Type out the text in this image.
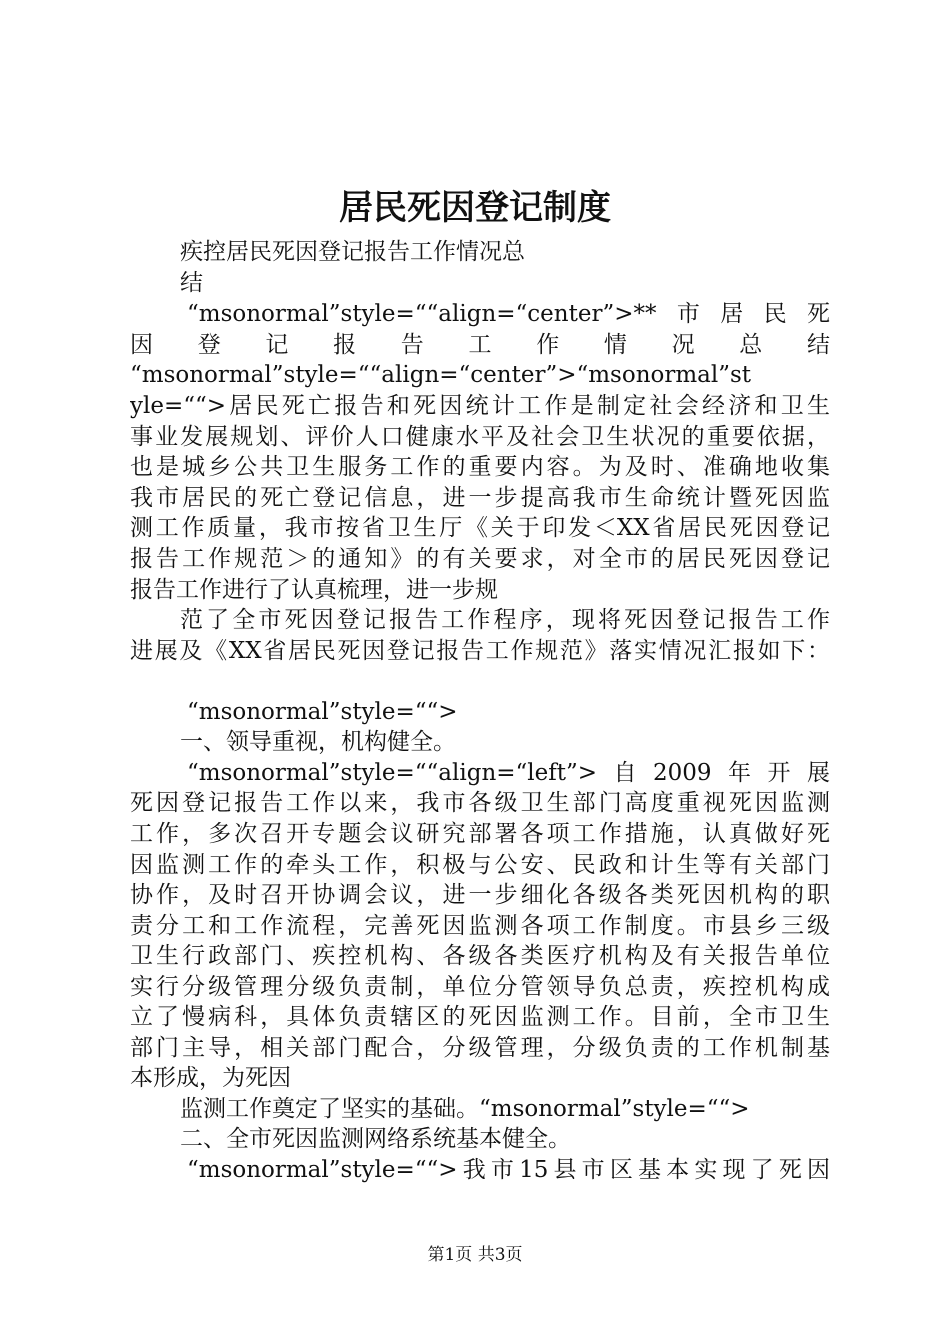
居民死因登记制度
疾控居民死因登记报告工作情况总
结
“msonormal”style=““align=“center”>**市居民死
因　登　记　报　告　工　作　情　况　总　结
“msonormal”style=““align=“center”>“msonormal”st
yle=““>居民死亡报告和死因统计工作是制定社会经济和卫生
事业发展规划、评价人口健康水平及社会卫生状况的重要依据，
也是城乡公共卫生服务工作的重要内容。为及时、准确地收集
我市居民的死亡登记信息，进一步提高我市生命统计暨死因监
测工作质量，我市按省卫生厅《关于印发＜XX省居民死因登记
报告工作规范＞的通知》的有关要求，对全市的居民死因登记
报告工作进行了认真梳理，进一步规
范了全市死因登记报告工作程序，现将死因登记报告工作
进展及《XX省居民死因登记报告工作规范》落实情况汇报如下：
“msonormal”style=““>
一、领导重视，机构健全。
“msonormal”style=““align=“left”>自2009年开展
死因登记报告工作以来，我市各级卫生部门高度重视死因监测
工作，多次召开专题会议研究部署各项工作措施，认真做好死
因监测工作的牵头工作，积极与公安、民政和计生等有关部门
协作，及时召开协调会议，进一步细化各级各类死因机构的职
责分工和工作流程，完善死因监测各项工作制度。市县乡三级
卫生行政部门、疾控机构、各级各类医疗机构及有关报告单位
实行分级管理分级负责制，单位分管领导负总责，疾控机构成
立了慢病科，具体负责辖区的死因监测工作。目前，全市卫生
部门主导，相关部门配合，分级管理，分级负责的工作机制基
本形成，为死因
监测工作奠定了坚实的基础。“msonormal”style=““>
二、全市死因监测网络系统基本健全。
“msonormal”style=““>我市15县市区基本实现了死因
第1页 共3页
